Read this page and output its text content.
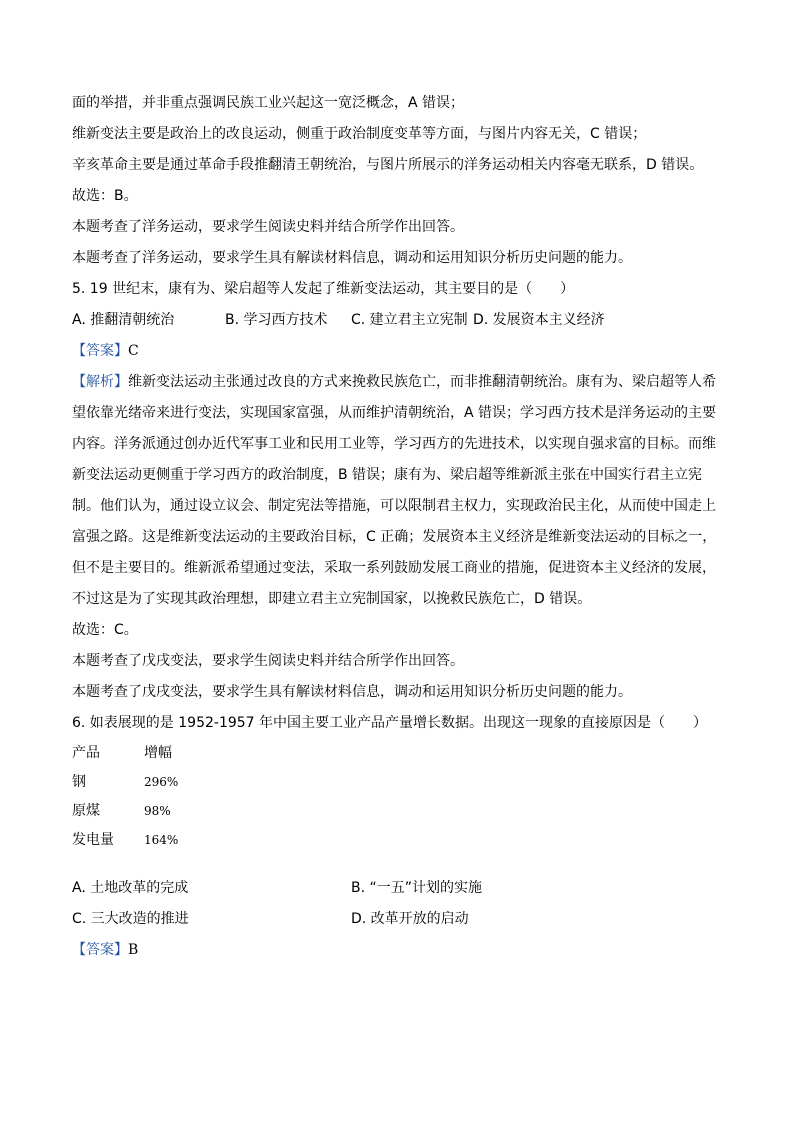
面的举措，并非重点强调民族工业兴起这一宽泛概念，A 错误；
维新变法主要是政治上的改良运动，侧重于政治制度变革等方面，与图片内容无关，C 错误；
辛亥革命主要是通过革命手段推翻清王朝统治，与图片所展示的洋务运动相关内容毫无联系，D 错误。
故选：B。
本题考查了洋务运动，要求学生阅读史料并结合所学作出回答。
本题考查了洋务运动，要求学生具有解读材料信息，调动和运用知识分析历史问题的能力。
5. 19 世纪末，康有为、梁启超等人发起了维新变法运动，其主要目的是（　　）
A. 推翻清朝统治	B. 学习西方技术	C. 建立君主立宪制 D. 发展资本主义经济
【答案】C
【解析】维新变法运动主张通过改良的方式来挽救民族危亡，而非推翻清朝统治。康有为、梁启超等人希望依靠光绪帝来进行变法，实现国家富强，从而维护清朝统治，A 错误；学习西方技术是洋务运动的主要内容。洋务派通过创办近代军事工业和民用工业等，学习西方的先进技术，以实现自强求富的目标。而维新变法运动更侧重于学习西方的政治制度，B 错误；康有为、梁启超等维新派主张在中国实行君主立宪制。他们认为，通过设立议会、制定宪法等措施，可以限制君主权力，实现政治民主化，从而使中国走上富强之路。这是维新变法运动的主要政治目标，C 正确；发展资本主义经济是维新变法运动的目标之一，但不是主要目的。维新派希望通过变法，采取一系列鼓励发展工商业的措施，促进资本主义经济的发展，不过这是为了实现其政治理想，即建立君主立宪制国家，以挽救民族危亡，D 错误。
故选：C。
本题考查了戊戌变法，要求学生阅读史料并结合所学作出回答。
本题考查了戊戌变法，要求学生具有解读材料信息，调动和运用知识分析历史问题的能力。
6. 如表展现的是 1952-1957 年中国主要工业产品产量增长数据。出现这一现象的直接原因是（　　）
产品	增幅
钢	296%
原煤	98%
发电量	164%
A. 土地改革的完成	B. “一五”计划的实施
C. 三大改造的推进	D. 改革开放的启动
【答案】B
